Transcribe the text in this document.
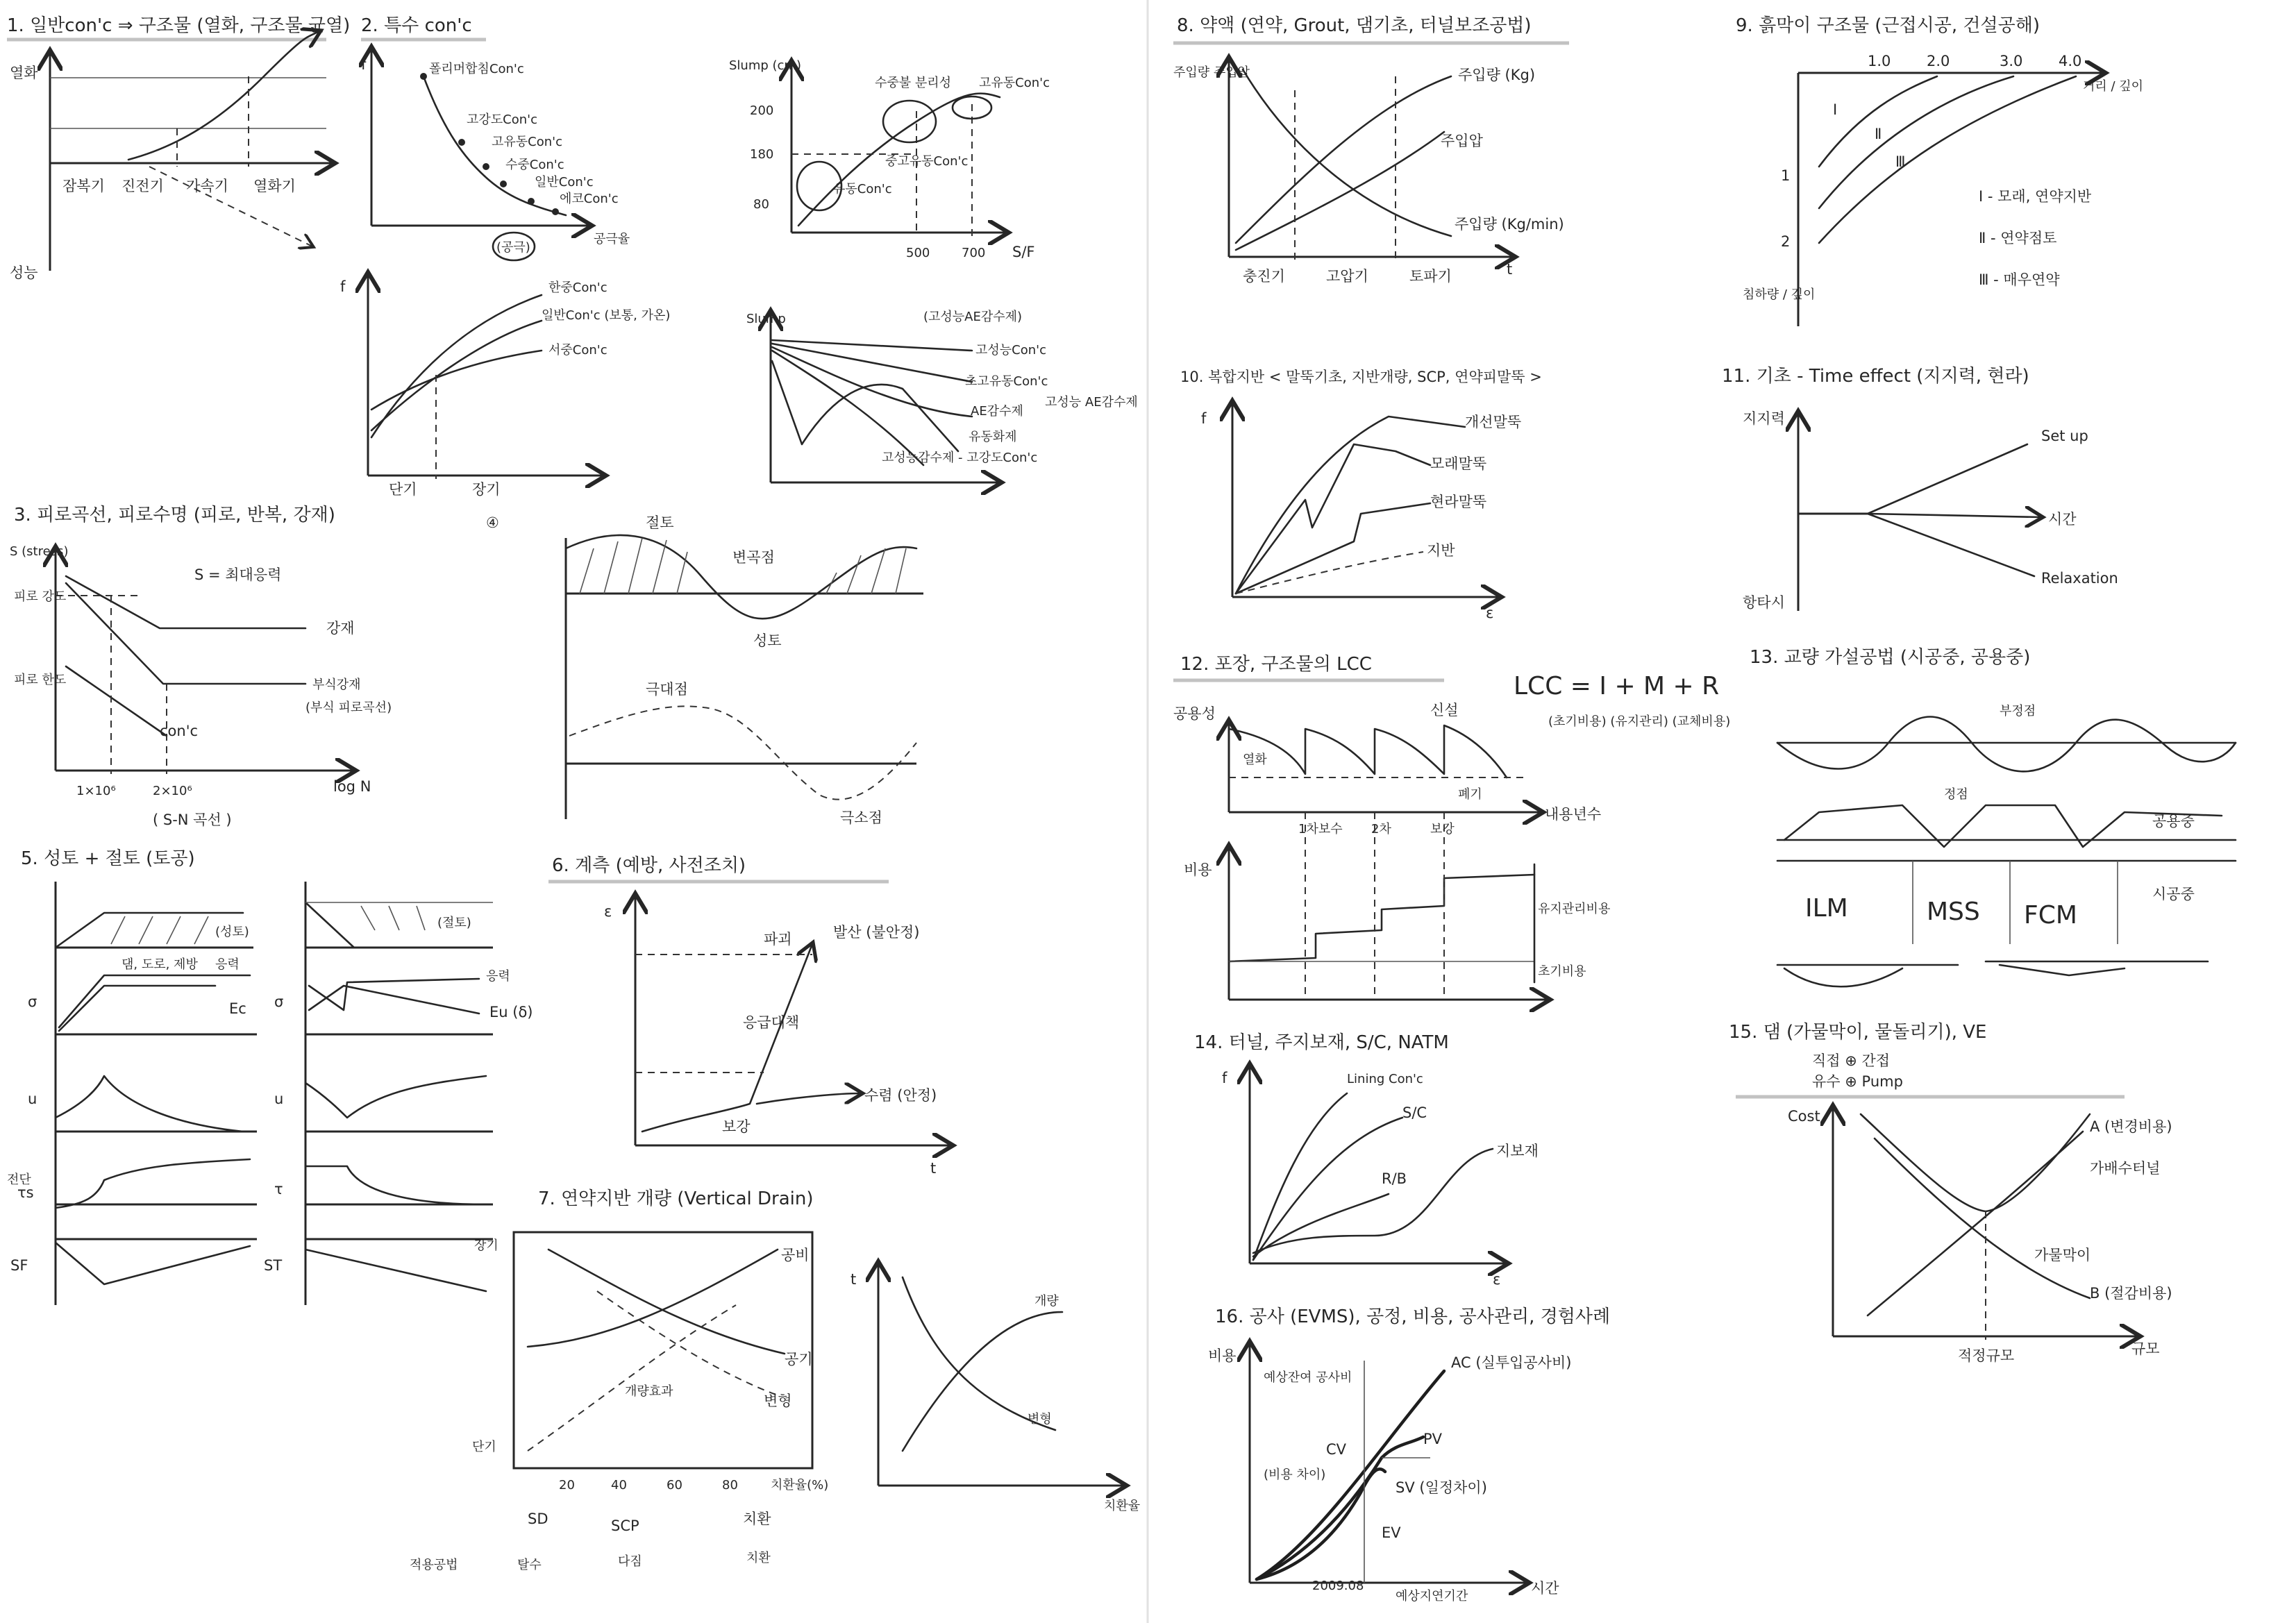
1. 일반con'c ⇒ 구조물 (열화, 구조물 균열)
열화
성능
잠복기 진전기 가속기 열화기
2. 특수 con'c
f	폴리머합침Con'c
고강도Con'c
고유동Con'c
수중Con'c
일반Con'c
에코Con'c
(공극)
공극율
Slump (cm)
200
180
80
수중불 분리성 고유동Con'c
중고유동Con'c
유동Con'c
500	700 S/F
f	한중Con'c
일반Con'c (보통, 가온)
서중Con'c
단기	장기
④
Slump	(고성능AE감수제)
고성능Con'c
초고유동Con'c
AE감수제
유동화제
고성능감수제 - 고강도Con'c
고성능 AE감수제
3. 피로곡선, 피로수명 (피로, 반복, 강재)
S (stress)
피로 강도
피로 한도
S = 최대응력
강재
부식강재
(부식 피로곡선)
con'c
1×10⁶	2×10⁶	log N
( S-N 곡선 )
절토
변곡점
성토
극대점
극소점
5. 성토 + 절토 (토공)
(성토)
댐, 도로, 제방 응력
Ec
σ
u
τs
전단
SF
(절토)
응력
Eu (δ)
σ
u
τ
ST
6. 계측 (예방, 사전조치)
ε
파괴	발산 (불안정)
응급대책
수렴 (안정)
보강
t
7. 연약지반 개량 (Vertical Drain)
장기
단기
공비
공기
개량효과
변형
20	40	60	80	치환율(%)
SD	SCP	치환
적용공법	탈수	다짐	치환
t
개량
변형
치환율
8. 약액 (연약, Grout, 댐기초, 터널보조공법)
주입량 주입압	주입량 (Kg)
주입압
주입량 (Kg/min)
충진기	고압기	토파기	t
9. 흙막이 구조물 (근접시공, 건설공해)
1.0 2.0	3.0 4.0
거리 / 깊이
1
2
침하량 / 깊이
Ⅰ
Ⅱ
Ⅲ
Ⅰ - 모래, 연약지반
Ⅱ - 연약점토
Ⅲ - 매우연약
10. 복합지반 < 말뚝기초, 지반개량, SCP, 연약피말뚝 >
f	개선말뚝
모래말뚝
현라말뚝
지반
ε
11. 기초 - Time effect (지지력, 현라)
지지력
항타시
Set up
시간
Relaxation
12. 포장, 구조물의 LCC
LCC = I + M + R
(초기비용) (유지관리) (교체비용)
공용성
열화
신설
폐기
1차보수 2차	보강
내용년수
비용
유지관리비용
초기비용
13. 교량 가설공법 (시공중, 공용중)
부정점
정점
공용중
시공중
ILM	MSS FCM
14. 터널, 주지보재, S/C, NATM
f	Lining Con'c
S/C
R/B
지보재
ε
15. 댐 (가물막이, 물돌리기), VE
직접 ⊕ 간접
유수 ⊕ Pump
Cost
A (변경비용)
가배수터널
가물막이
B (절감비용)
적정규모	규모
16. 공사 (EVMS), 공정, 비용, 공사관리, 경험사례
비용
예상잔여 공사비
(비용 차이)
AC (실투입공사비)
PV
SV (일정차이)
EV
CV
2009.08
예상지연기간	시간
